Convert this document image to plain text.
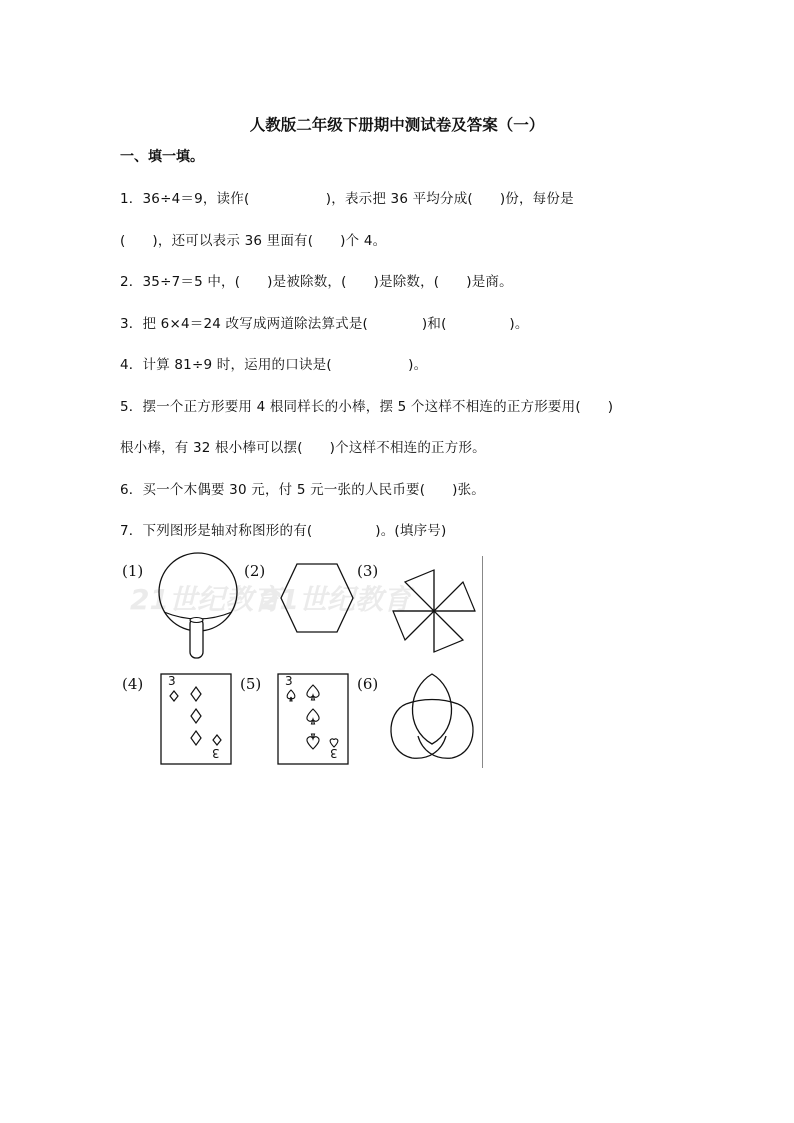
人教版二年级下册期中测试卷及答案（一）
一、填一填。
1．36÷4＝9，读作(                 )，表示把 36 平均分成(      )份，每份是
(      )，还可以表示 36 里面有(      )个 4。
2．35÷7＝5 中，(      )是被除数，(      )是除数，(      )是商。
3．把 6×4＝24 改写成两道除法算式是(            )和(              )。
4．计算 81÷9 时，运用的口诀是(                 )。
5．摆一个正方形要用 4 根同样长的小棒，摆 5 个这样不相连的正方形要用(      )
根小棒，有 32 根小棒可以摆(      )个这样不相连的正方形。
6．买一个木偶要 30 元，付 5 元一张的人民币要(      )张。
7．下列图形是轴对称图形的有(              )。(填序号)
21世纪教育
21世纪教育
(1)	(2)	(3)
(4)	(5)	(6)
3
3
3
3
